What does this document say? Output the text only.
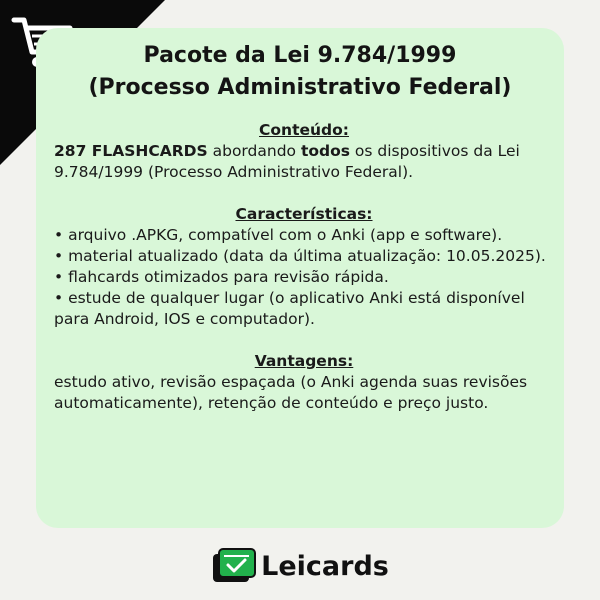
Pacote da Lei 9.784/1999
(Processo Administrativo Federal)
Conteúdo:
287 FLASHCARDS abordando todos os dispositivos da Lei 9.784/1999 (Processo Administrativo Federal).
Características:
• arquivo .APKG, compatível com o Anki (app e software).
• material atualizado (data da última atualização: 10.05.2025).
• flahcards otimizados para revisão rápida.
• estude de qualquer lugar (o aplicativo Anki está disponível para Android, IOS e computador).
Vantagens:
estudo ativo, revisão espaçada (o Anki agenda suas revisões automaticamente), retenção de conteúdo e preço justo.
Leicards
